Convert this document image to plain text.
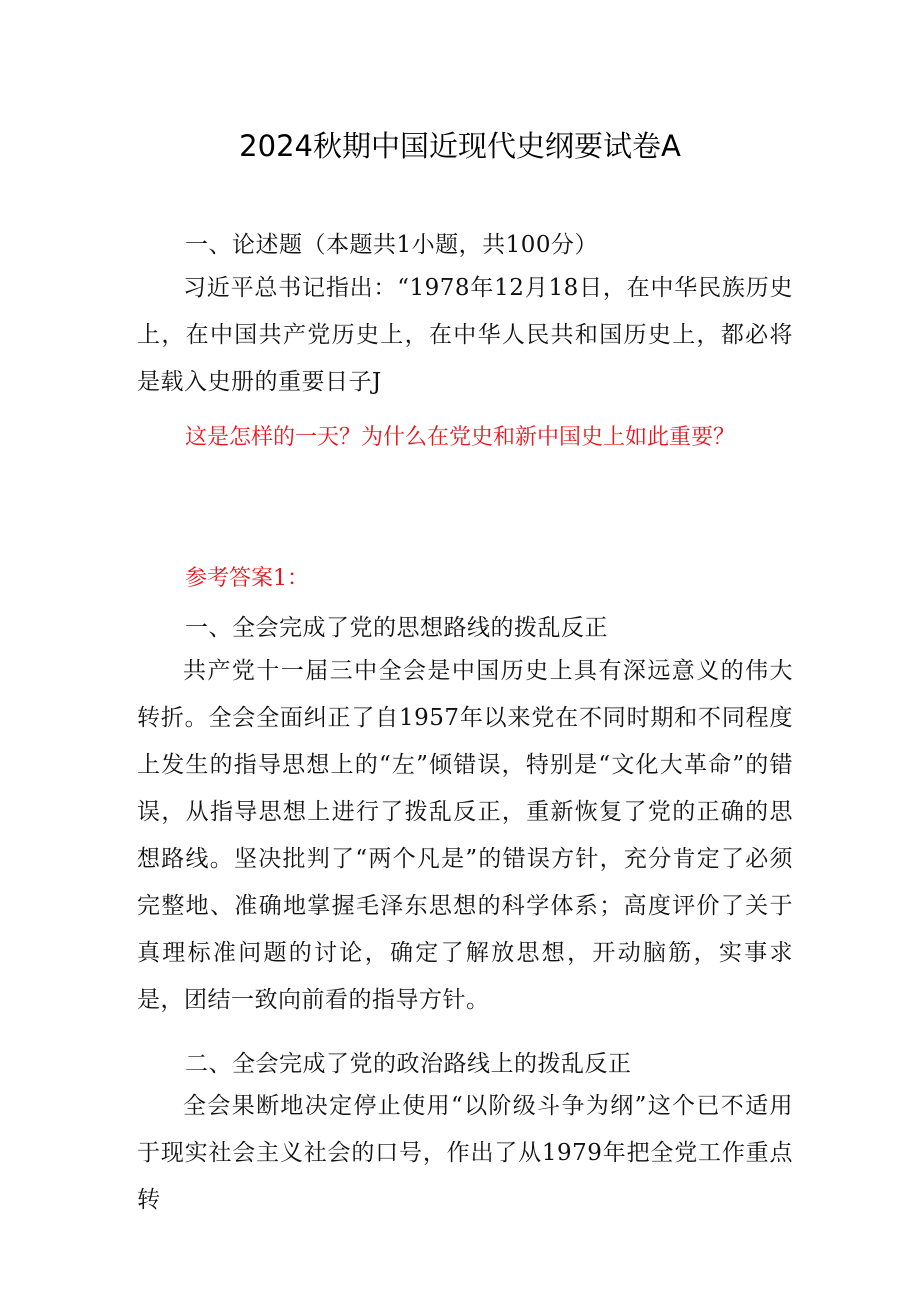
2024秋期中国近现代史纲要试卷A
一、论述题（本题共1小题，共100分）
习近平总书记指出：“1978年12月18日，在中华民族历史上，在中国共产党历史上，在中华人民共和国历史上，都必将是载入史册的重要日子J
这是怎样的一天？为什么在党史和新中国史上如此重要？
参考答案1：
一、全会完成了党的思想路线的拨乱反正
共产党十一届三中全会是中国历史上具有深远意义的伟大转折。全会全面纠正了自1957年以来党在不同时期和不同程度上发生的指导思想上的“左”倾错误，特别是“文化大革命”的错误，从指导思想上进行了拨乱反正，重新恢复了党的正确的思想路线。坚决批判了“两个凡是”的错误方针，充分肯定了必须完整地、准确地掌握毛泽东思想的科学体系；高度评价了关于真理标准问题的讨论，确定了解放思想，开动脑筋，实事求是，团结一致向前看的指导方针。
二、全会完成了党的政治路线上的拨乱反正
全会果断地决定停止使用“以阶级斗争为纲”这个已不适用于现实社会主义社会的口号，作出了从1979年把全党工作重点转
